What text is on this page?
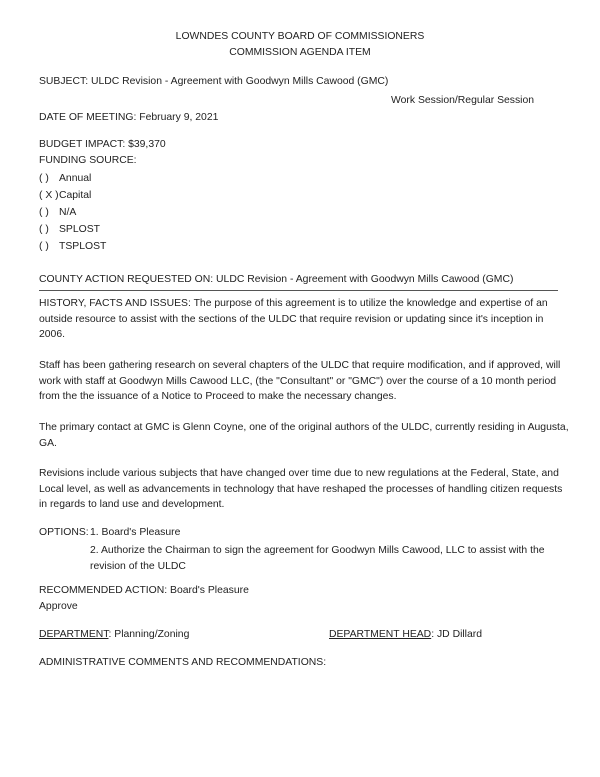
LOWNDES COUNTY BOARD OF COMMISSIONERS
COMMISSION AGENDA ITEM
SUBJECT: ULDC Revision - Agreement with Goodwyn Mills Cawood (GMC)
Work Session/Regular Session
DATE OF MEETING: February 9, 2021
BUDGET IMPACT: $39,370
FUNDING SOURCE:
( ) Annual
( X )Capital
( ) N/A
( ) SPLOST
( ) TSPLOST
COUNTY ACTION REQUESTED ON: ULDC Revision - Agreement with Goodwyn Mills Cawood (GMC)
HISTORY, FACTS AND ISSUES: The purpose of this agreement is to utilize the knowledge and expertise of an outside resource to assist with the sections of the ULDC that require revision or updating since it's inception in 2006.
Staff has been gathering research on several chapters of the ULDC that require modification, and if approved, will work with staff at Goodwyn Mills Cawood LLC, (the "Consultant" or "GMC") over the course of a 10 month period from the the issuance of a Notice to Proceed to make the necessary changes.
The primary contact at GMC is Glenn Coyne, one of the original authors of the ULDC, currently residing in Augusta, GA.
Revisions include various subjects that have changed over time due to new regulations at the Federal, State, and Local level, as well as advancements in technology that have reshaped the processes of handling citizen requests in regards to land use and development.
OPTIONS: 1. Board's Pleasure
2. Authorize the Chairman to sign the agreement for Goodwyn Mills Cawood, LLC to assist with the revision of the ULDC
RECOMMENDED ACTION: Board's Pleasure
Approve
DEPARTMENT: Planning/Zoning	DEPARTMENT HEAD: JD Dillard
ADMINISTRATIVE COMMENTS AND RECOMMENDATIONS:
